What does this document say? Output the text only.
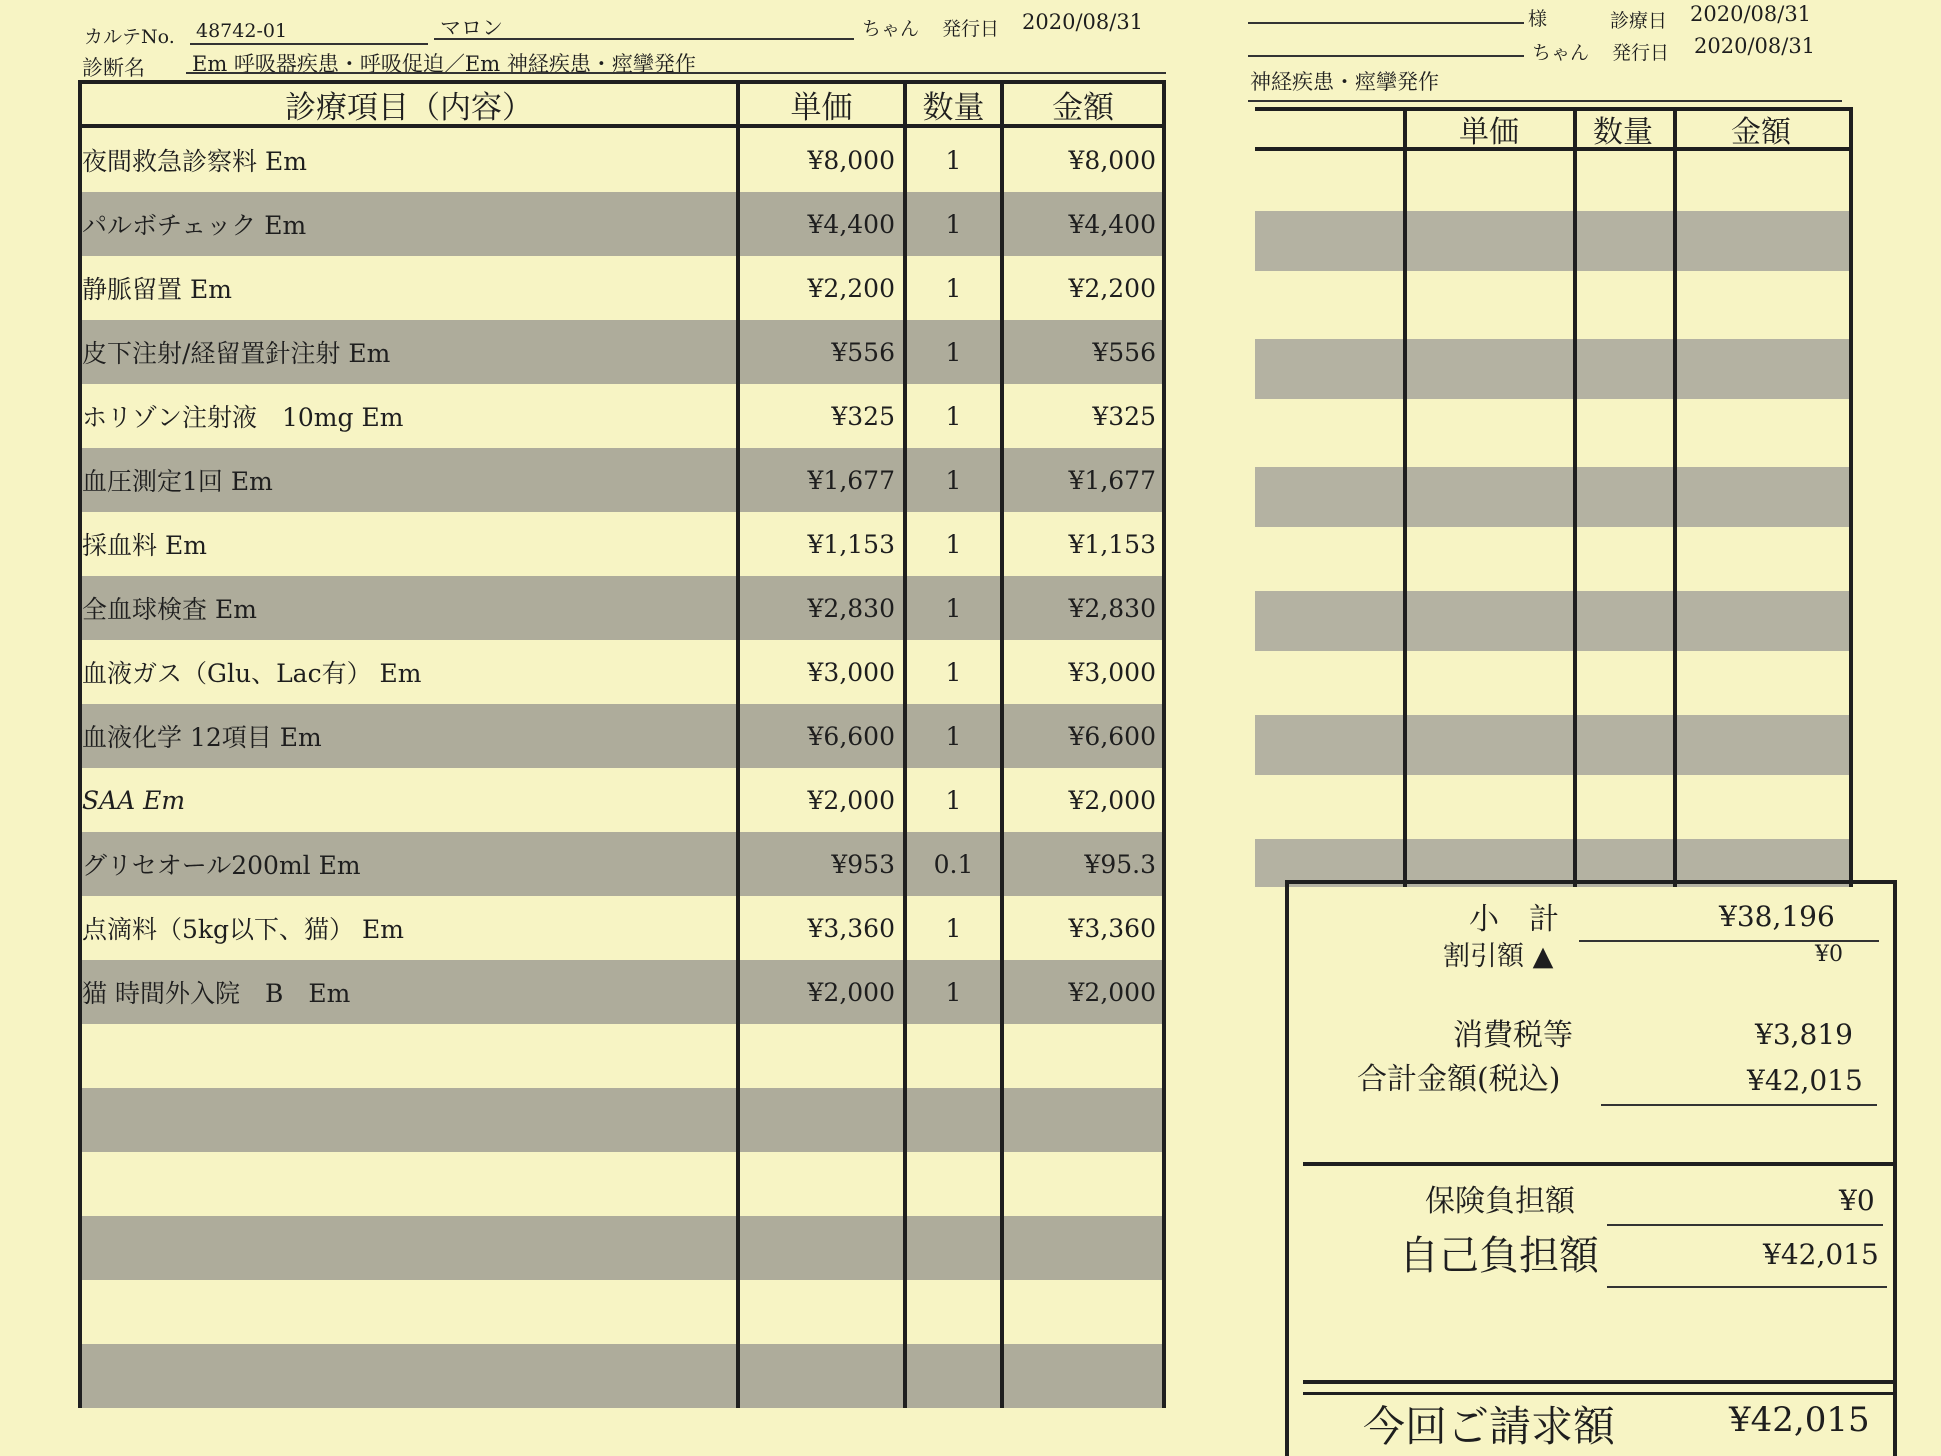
カルテNo. 48742-01	マロン	ちゃん 発行日 2020/08/31
診断名 Em 呼吸器疾患・呼吸促迫／Em 神経疾患・痙攣発作
診療項目（内容）	単価	数量	金額
夜間救急診察料 Em	¥8,000	1	¥8,000
パルボチェック Em	¥4,400	1	¥4,400
静脈留置 Em	¥2,200	1	¥2,200
皮下注射/経留置針注射 Em	¥556	1	¥556
ホリゾン注射液　10mg Em	¥325	1	¥325
血圧測定1回 Em	¥1,677	1	¥1,677
採血料 Em	¥1,153	1	¥1,153
全血球検査 Em	¥2,830	1	¥2,830
血液ガス（Glu、Lac有） Em	¥3,000	1	¥3,000
血液化学 12項目 Em	¥6,600	1	¥6,600
SAA Em	¥2,000	1	¥2,000
グリセオール200ml Em	¥953	0.1	¥95.3
点滴料（5kg以下、猫） Em	¥3,360	1	¥3,360
猫 時間外入院　B　Em	¥2,000	1	¥2,000
様	診療日 2020/08/31
ちゃん 発行日 2020/08/31
神経疾患・痙攣発作
単価	数量	金額
小　計	¥38,196
割引額 ▲	¥0
消費税等	¥3,819
合計金額(税込)	¥42,015
保険負担額	¥0
自己負担額	¥42,015
今回ご請求額	¥42,015
